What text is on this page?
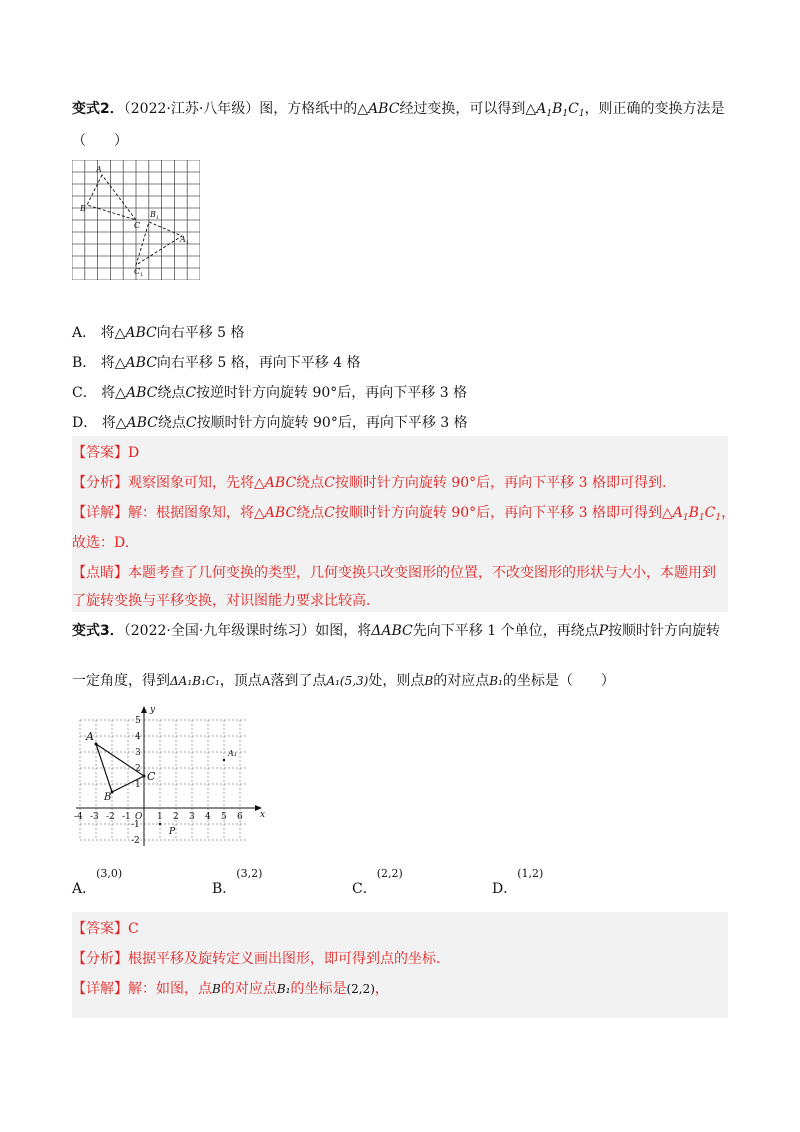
变式2．（2022·江苏·八年级）图，方格纸中的△ABC经过变换，可以得到$\triangle A_1B_1C_1$，则正确的变换方法是
（　　）
A
B
C
B
A
C
1
1
1
A． 将△ABC向右平移 5 格
B． 将△ABC向右平移 5 格，再向下平移 4 格
C． 将△ABC绕点C按逆时针方向旋转 90°后，再向下平移 3 格
D． 将△ABC绕点C按顺时针方向旋转 90°后，再向下平移 3 格
【答案】D
【分析】观察图象可知，先将△ABC绕点C按顺时针方向旋转 90°后，再向下平移 3 格即可得到.
【详解】解：根据图象知，将△ABC绕点C按顺时针方向旋转 90°后，再向下平移 3 格即可得到$\triangle A_1B_1C_1$，
故选：D.
【点睛】本题考查了几何变换的类型，几何变换只改变图形的位置，不改变图形的形状与大小，本题用到
了旋转变换与平移变换，对识图能力要求比较高.
变式3．（2022·全国·九年级课时练习）如图，将ΔABC先向下平移 1 个单位，再绕点P按顺时针方向旋转
一定角度，得到ΔA₁B₁C₁，顶点A落到了点A₁(5,3)处，则点B的对应点B₁的坐标是（　　）
-4 -3 -2 -1 O 1 2 3 4 5 6
5
4
3
2
1
-1
-2
x
y
A
B
C
P
A₁
A．(3,0)
B．(3,2)
C．(2,2)
D．(1,2)
【答案】C
【分析】根据平移及旋转定义画出图形，即可得到点的坐标.
【详解】解：如图，点B的对应点B₁的坐标是(2,2)，
